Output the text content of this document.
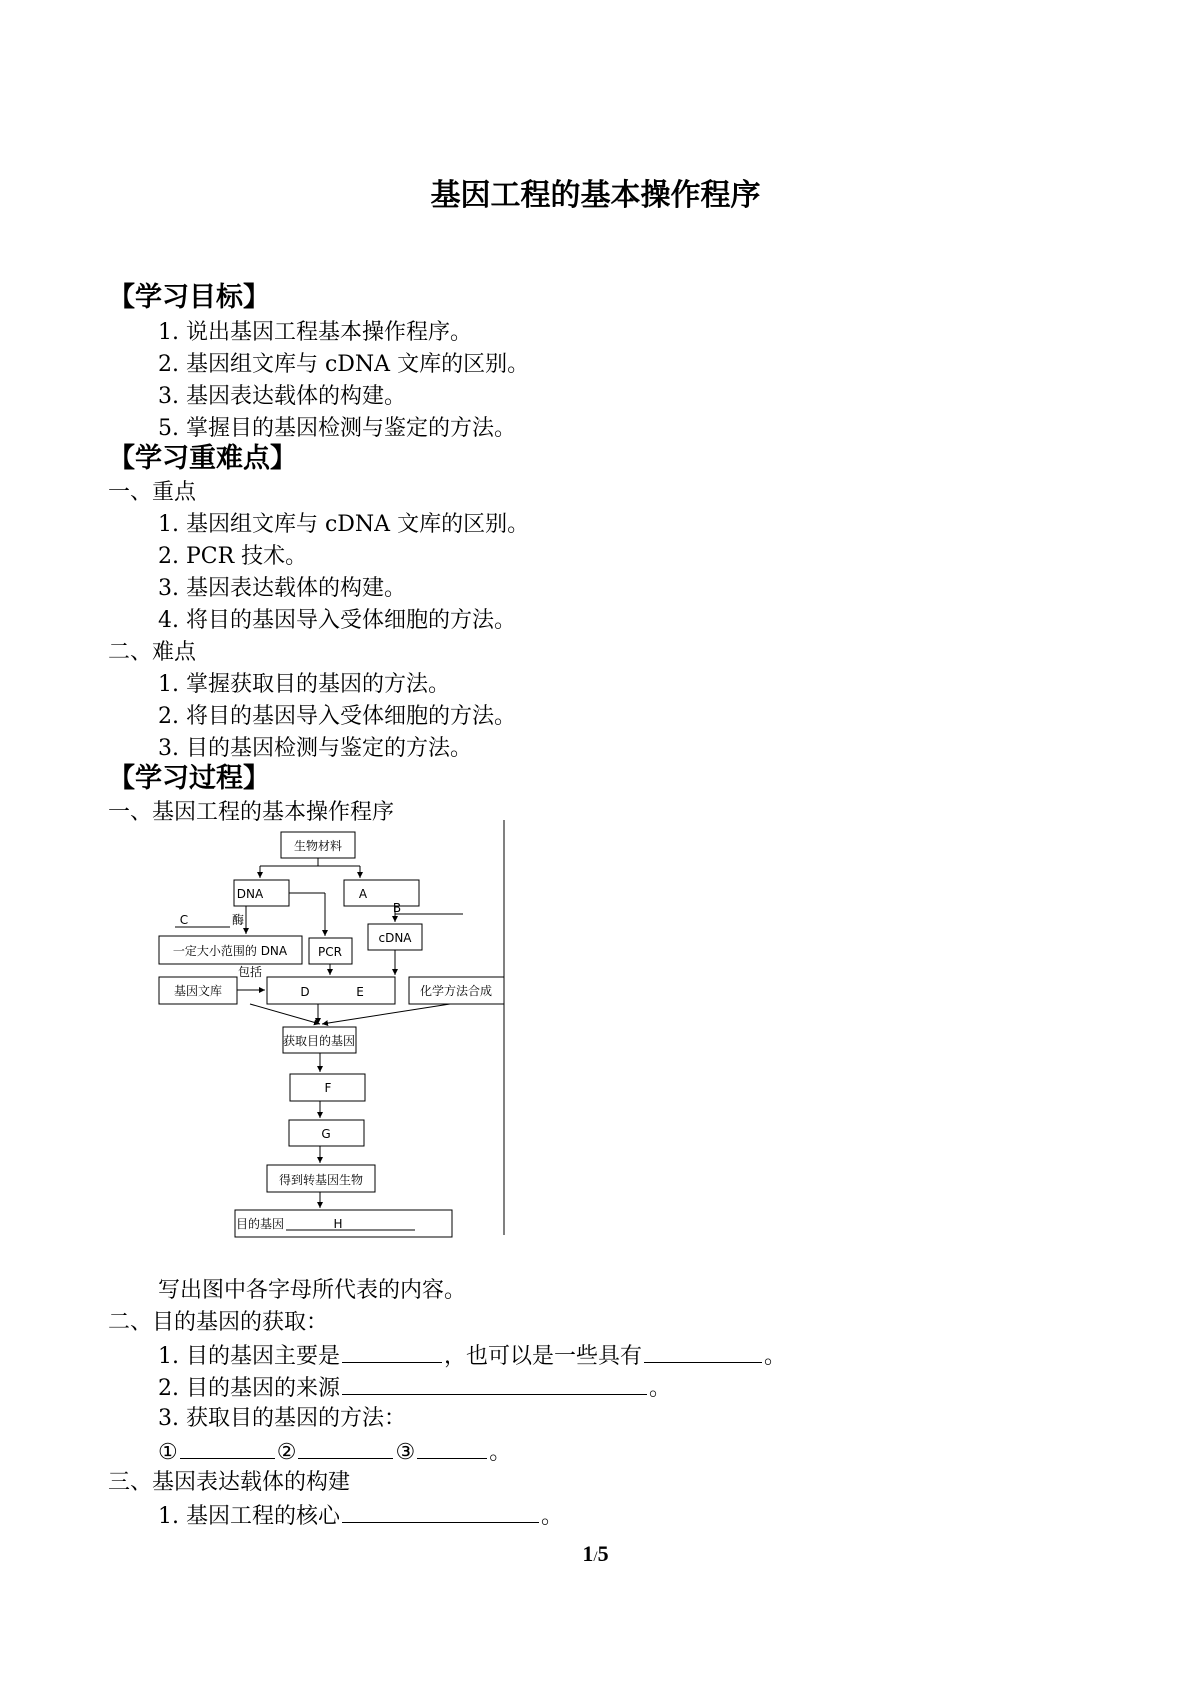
基因工程的基本操作程序
【学习目标】
1. 说出基因工程基本操作程序。
2. 基因组文库与 cDNA 文库的区别。
3. 基因表达载体的构建。
5. 掌握目的基因检测与鉴定的方法。
【学习重难点】
一、重点
1. 基因组文库与 cDNA 文库的区别。
2. PCR 技术。
3. 基因表达载体的构建。
4. 将目的基因导入受体细胞的方法。
二、难点
1. 掌握获取目的基因的方法。
2. 将目的基因导入受体细胞的方法。
3. 目的基因检测与鉴定的方法。
【学习过程】
一、基因工程的基本操作程序
生物材料
DNA	A
B
C	酶
cDNA
一定大小范围的 DNA	PCR
基因文库
包括
D	E	化学方法合成
获取目的基因
F
G
得到转基因生物
目的基因	H
写出图中各字母所代表的内容。
二、目的基因的获取：
1. 目的基因主要是	，也可以是一些具有	。
2. 目的基因的来源	。
3. 获取目的基因的方法：
①	②	③	。
三、基因表达载体的构建
1. 基因工程的核心	。
1/5
